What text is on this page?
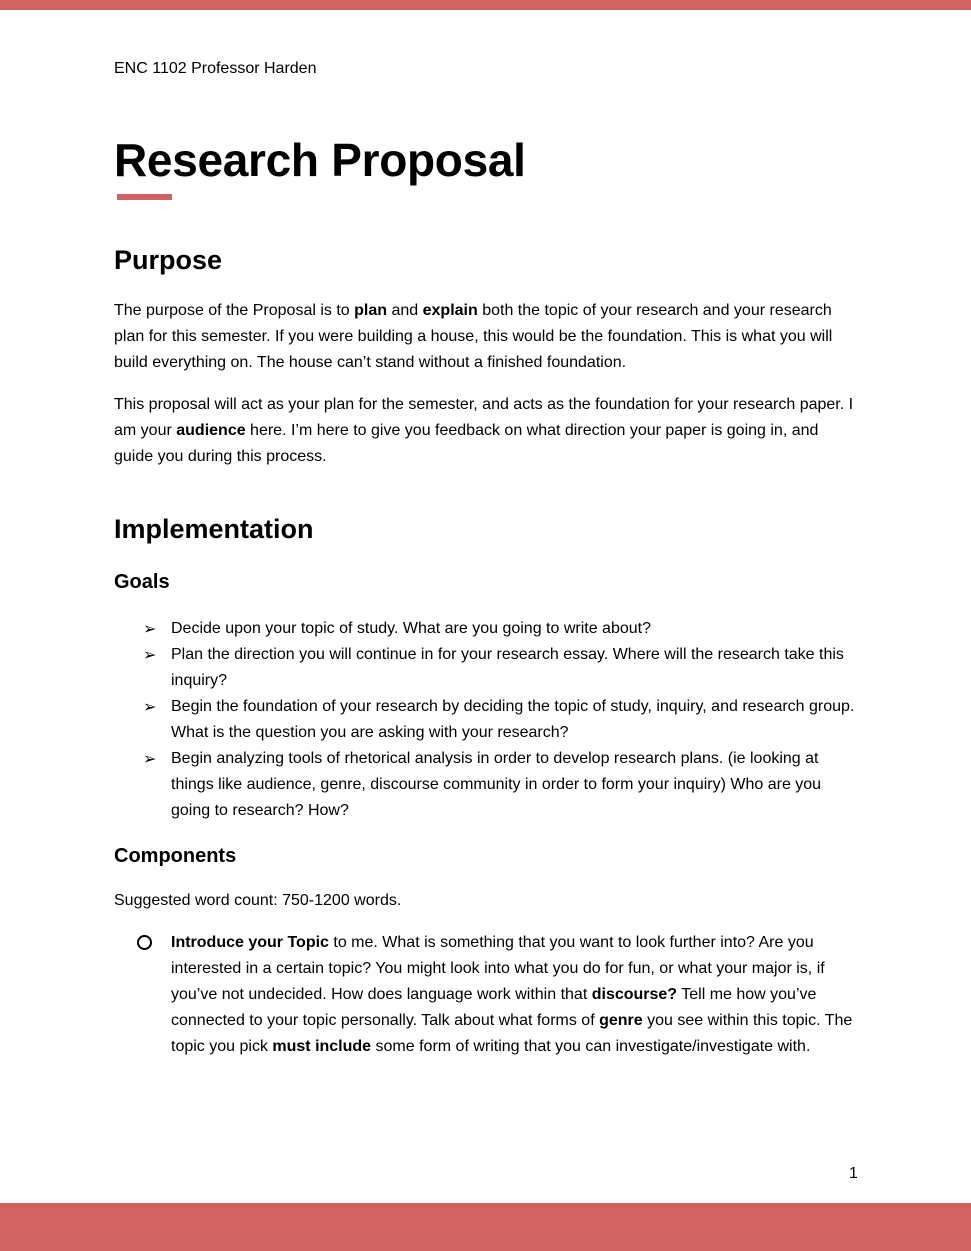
ENC 1102 Professor Harden
Research Proposal
Purpose

The purpose of the Proposal is to plan and explain both the topic of your research and your research plan for this semester. If you were building a house, this would be the foundation. This is what you will build everything on. The house can’t stand without a finished foundation.

This proposal will act as your plan for the semester, and acts as the foundation for your research paper. I am your audience here. I’m here to give you feedback on what direction your paper is going in, and guide you during this process.

Implementation
Goals
➢ Decide upon your topic of study. What are you going to write about?
➢ Plan the direction you will continue in for your research essay. Where will the research take this inquiry?
➢ Begin the foundation of your research by deciding the topic of study, inquiry, and research group. What is the question you are asking with your research?
➢ Begin analyzing tools of rhetorical analysis in order to develop research plans. (ie looking at things like audience, genre, discourse community in order to form your inquiry) Who are you going to research? How?
Components

Suggested word count: 750-1200 words.

Introduce your Topic to me. What is something that you want to look further into? Are you interested in a certain topic? You might look into what you do for fun, or what your major is, if you’ve not undecided. How does language work within that discourse? Tell me how you’ve connected to your topic personally. Talk about what forms of genre you see within this topic. The topic you pick must include some form of writing that you can investigate/investigate with.

1
